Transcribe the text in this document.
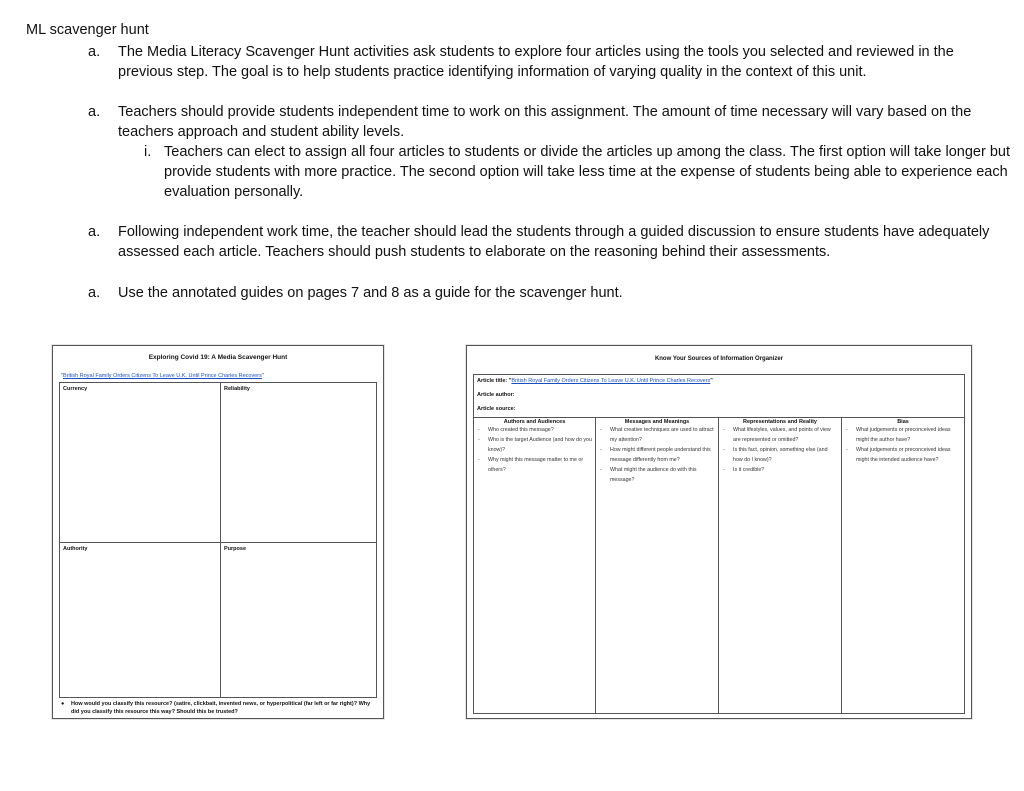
ML scavenger hunt
a. The Media Literacy Scavenger Hunt activities ask students to explore four articles using the tools you selected and reviewed in the previous step. The goal is to help students practice identifying information of varying quality in the context of this unit.
a. Teachers should provide students independent time to work on this assignment. The amount of time necessary will vary based on the teachers approach and student ability levels.
i. Teachers can elect to assign all four articles to students or divide the articles up among the class. The first option will take longer but provide students with more practice. The second option will take less time at the expense of students being able to experience each evaluation personally.
a. Following independent work time, the teacher should lead the students through a guided discussion to ensure students have adequately assessed each article. Teachers should push students to elaborate on the reasoning behind their assessments.
a. Use the annotated guides on pages 7 and 8 as a guide for the scavenger hunt.
Exploring Covid 19: A Media Scavenger Hunt
"British Royal Family Orders Citizens To Leave U.K. Until Prince Charles Recovers"
Currency	Reliability
Authority	Purpose
● How would you classify this resource? (satire, clickbait, invented news, or hyperpolitical (far left or far right)? Why did you classify this resource this way? Should this be trusted?
Know Your Sources of Information Organizer
Article title: "British Royal Family Orders Citizens To Leave U.K. Until Prince Charles Recovers"
Article author:
Article source:
Authors and Audiences
- Who created this message?
- Who is the target Audience (and how do you know)?
- Why might this message matter to me or others?
Messages and Meanings
- What creative techniques are used to attract my attention?
- How might different people understand this message differently from me?
- What might the audience do with this message?
Representations and Reality
- What lifestyles, values, and points of view are represented or omitted?
- Is this fact, opinion, something else (and how do I know)?
- Is it credible?
Bias
- What judgements or preconceived ideas might the author have?
- What judgements or preconceived ideas might the intended audience have?
